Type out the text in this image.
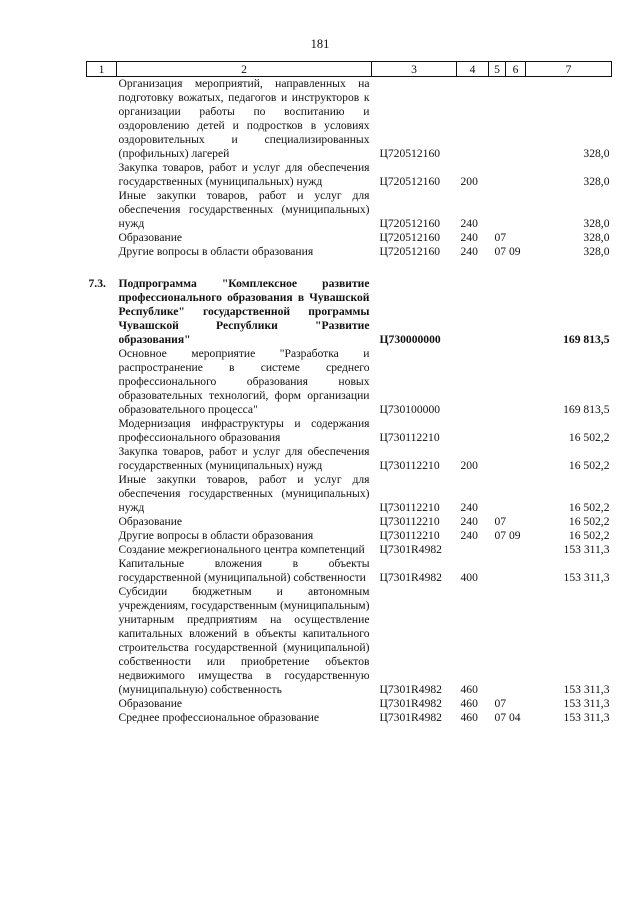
181
1	2	3	4	5	6	7
	Организация мероприятий, направленных на подготовку вожатых, педагогов и инструкторов к организации работы по воспитанию и оздоровлению детей и подростков в условиях оздоровительных и специализированных (профильных) лагерей	Ц720512160				328,0
	Закупка товаров, работ и услуг для обеспечения государственных (муниципальных) нужд	Ц720512160	200			328,0
	Иные закупки товаров, работ и услуг для обеспечения государственных (муниципальных) нужд	Ц720512160	240			328,0
	Образование	Ц720512160	240	07		328,0
	Другие вопросы в области образования	Ц720512160	240	07 09		328,0

7.3.	Подпрограмма "Комплексное развитие профессионального образования в Чувашской Республике" государственной программы Чувашской Республики "Развитие образования"	Ц730000000				169 813,5
	Основное мероприятие "Разработка и распространение в системе среднего профессионального образования новых образовательных технологий, форм организации образовательного процесса"	Ц730100000				169 813,5
	Модернизация инфраструктуры и содержания профессионального образования	Ц730112210				16 502,2
	Закупка товаров, работ и услуг для обеспечения государственных (муниципальных) нужд	Ц730112210	200			16 502,2
	Иные закупки товаров, работ и услуг для обеспечения государственных (муниципальных) нужд	Ц730112210	240			16 502,2
	Образование	Ц730112210	240	07		16 502,2
	Другие вопросы в области образования	Ц730112210	240	07 09		16 502,2
	Создание межрегионального центра компетенций	Ц7301R4982				153 311,3
	Капитальные вложения в объекты государственной (муниципальной) собственности	Ц7301R4982	400			153 311,3
	Субсидии бюджетным и автономным учреждениям, государственным (муниципальным) унитарным предприятиям на осуществление капитальных вложений в объекты капитального строительства государственной (муниципальной) собственности или приобретение объектов недвижимого имущества в государственную (муниципальную) собственность	Ц7301R4982	460			153 311,3
	Образование	Ц7301R4982	460	07		153 311,3
	Среднее профессиональное образование	Ц7301R4982	460	07 04		153 311,3
